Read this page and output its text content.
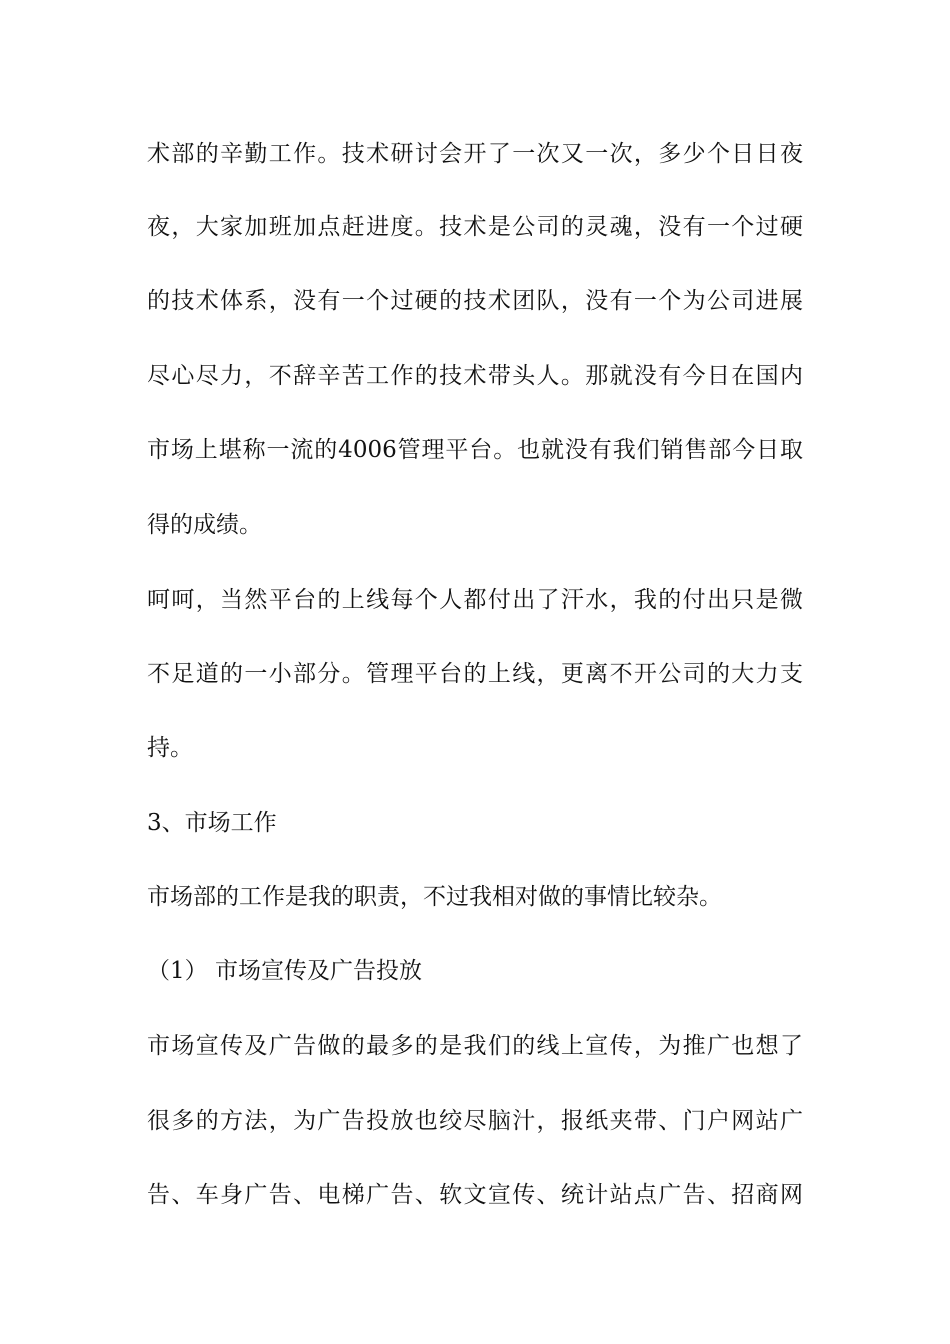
术部的辛勤工作。技术研讨会开了一次又一次，多少个日日夜
夜，大家加班加点赶进度。技术是公司的灵魂，没有一个过硬
的技术体系，没有一个过硬的技术团队，没有一个为公司进展
尽心尽力，不辞辛苦工作的技术带头人。那就没有今日在国内
市场上堪称一流的4006管理平台。也就没有我们销售部今日取
得的成绩。
呵呵，当然平台的上线每个人都付出了汗水，我的付出只是微
不足道的一小部分。管理平台的上线，更离不开公司的大力支
持。
3、市场工作
市场部的工作是我的职责，不过我相对做的事情比较杂。
（1） 市场宣传及广告投放
市场宣传及广告做的最多的是我们的线上宣传，为推广也想了
很多的方法，为广告投放也绞尽脑汁，报纸夹带、门户网站广
告、车身广告、电梯广告、软文宣传、统计站点广告、招商网
